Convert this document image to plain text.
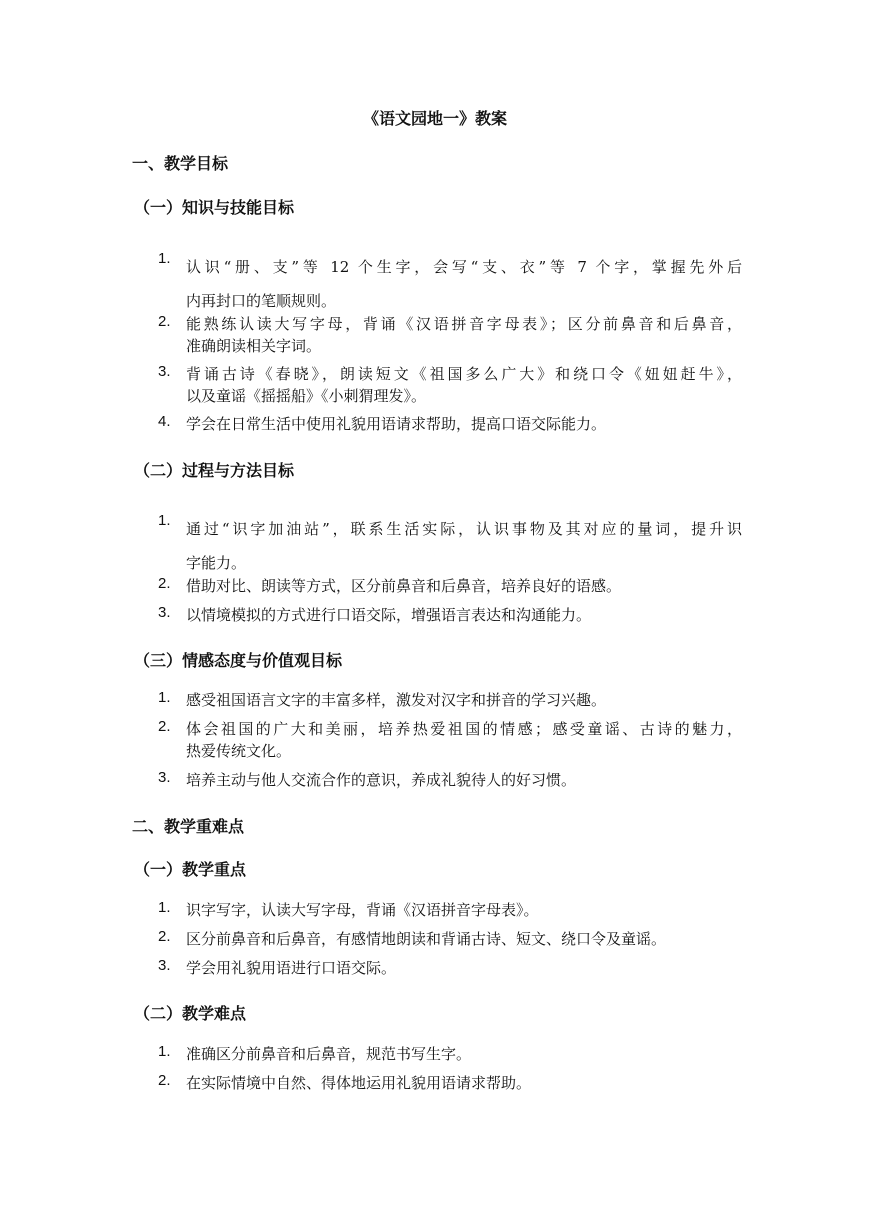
《语文园地一》教案
一、教学目标
（一）知识与技能目标
1.	认识“册、支”等 12 个生字，会写“支、衣”等 7 个字，掌握先外后
内再封口的笔顺规则。
2.	能熟练认读大写字母，背诵《汉语拼音字母表》；区分前鼻音和后鼻音，
准确朗读相关字词。
3.	背诵古诗《春晓》，朗读短文《祖国多么广大》和绕口令《妞妞赶牛》，
以及童谣《摇摇船》《小刺猬理发》。
4.	学会在日常生活中使用礼貌用语请求帮助，提高口语交际能力。
（二）过程与方法目标
1.	通过“识字加油站”，联系生活实际，认识事物及其对应的量词，提升识
字能力。
2.	借助对比、朗读等方式，区分前鼻音和后鼻音，培养良好的语感。
3.	以情境模拟的方式进行口语交际，增强语言表达和沟通能力。
（三）情感态度与价值观目标
1.	感受祖国语言文字的丰富多样，激发对汉字和拼音的学习兴趣。
2.	体会祖国的广大和美丽，培养热爱祖国的情感；感受童谣、古诗的魅力，
热爱传统文化。
3.	培养主动与他人交流合作的意识，养成礼貌待人的好习惯。
二、教学重难点
（一）教学重点
1.	识字写字，认读大写字母，背诵《汉语拼音字母表》。
2.	区分前鼻音和后鼻音，有感情地朗读和背诵古诗、短文、绕口令及童谣。
3.	学会用礼貌用语进行口语交际。
（二）教学难点
1.	准确区分前鼻音和后鼻音，规范书写生字。
2.	在实际情境中自然、得体地运用礼貌用语请求帮助。
